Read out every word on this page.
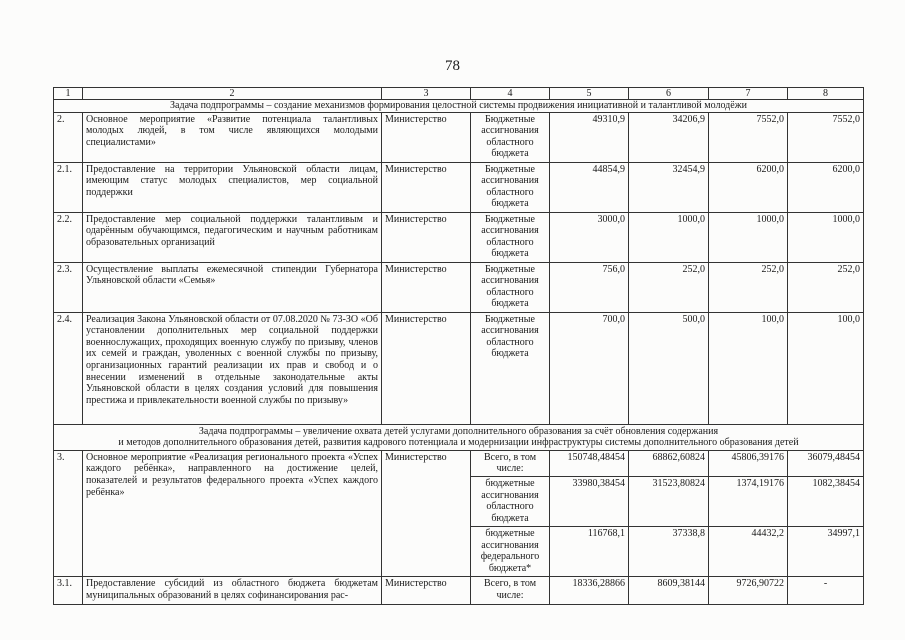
78
1	2	3	4	5	6	7	8
Задача подпрограммы – создание механизмов формирования целостной системы продвижения инициативной и талантливой молодёжи							
2.	Основное мероприятие «Развитие потенциала талантливых молодых людей, в том числе являющихся молодыми специалистами»	Министерство	Бюджетные ассигнования областного бюджета	49310,9	34206,9	7552,0	7552,0
2.1.	Предоставление на территории Ульяновской области лицам, имеющим статус молодых специалистов, мер социальной поддержки	Министерство	Бюджетные ассигнования областного бюджета	44854,9	32454,9	6200,0	6200,0
2.2.	Предоставление мер социальной поддержки талантливым и одарённым обучающимся, педагогическим и научным работникам образовательных организаций	Министерство	Бюджетные ассигнования областного бюджета	3000,0	1000,0	1000,0	1000,0
2.3.	Осуществление выплаты ежемесячной стипендии Губернатора Ульяновской области «Семья»	Министерство	Бюджетные ассигнования областного бюджета	756,0	252,0	252,0	252,0
2.4.	Реализация Закона Ульяновской области от 07.08.2020 № 73-ЗО «Об установлении дополнительных мер социальной поддержки военнослужащих, проходящих военную службу по призыву, членов их семей и граждан, уволенных с военной службы по призыву, организационных гарантий реализации их прав и свобод и о внесении изменений в отдельные законодательные акты Ульяновской области в целях создания условий для повышения престижа и привлекательности военной службы по призыву»	Министерство	Бюджетные ассигнования областного бюджета	700,0	500,0	100,0	100,0

Задача подпрограммы – увеличение охвата детей услугами дополнительного образования за счёт обновления содержания
и методов дополнительного образования детей, развития кадрового потенциала и модернизации инфраструктуры системы дополнительного образования детей							

3.	Основное мероприятие «Реализация регионального проекта «Успех каждого ребёнка», направленного на достижение целей, показателей и результатов федерального проекта «Успех каждого ребёнка»	Министерство	Всего, в том числе:	150748,48454	68862,60824	45806,39176	36079,48454
			бюджетные ассигнования областного бюджета	33980,38454	31523,80824	1374,19176	1082,38454
			бюджетные ассигнования федерального бюджета*	116768,1	37338,8	44432,2	34997,1
3.1.	Предоставление субсидий из областного бюджета бюджетам муниципальных образований в целях софинансирования рас-	Министерство	Всего, в том числе:	18336,28866	8609,38144	9726,90722	-
